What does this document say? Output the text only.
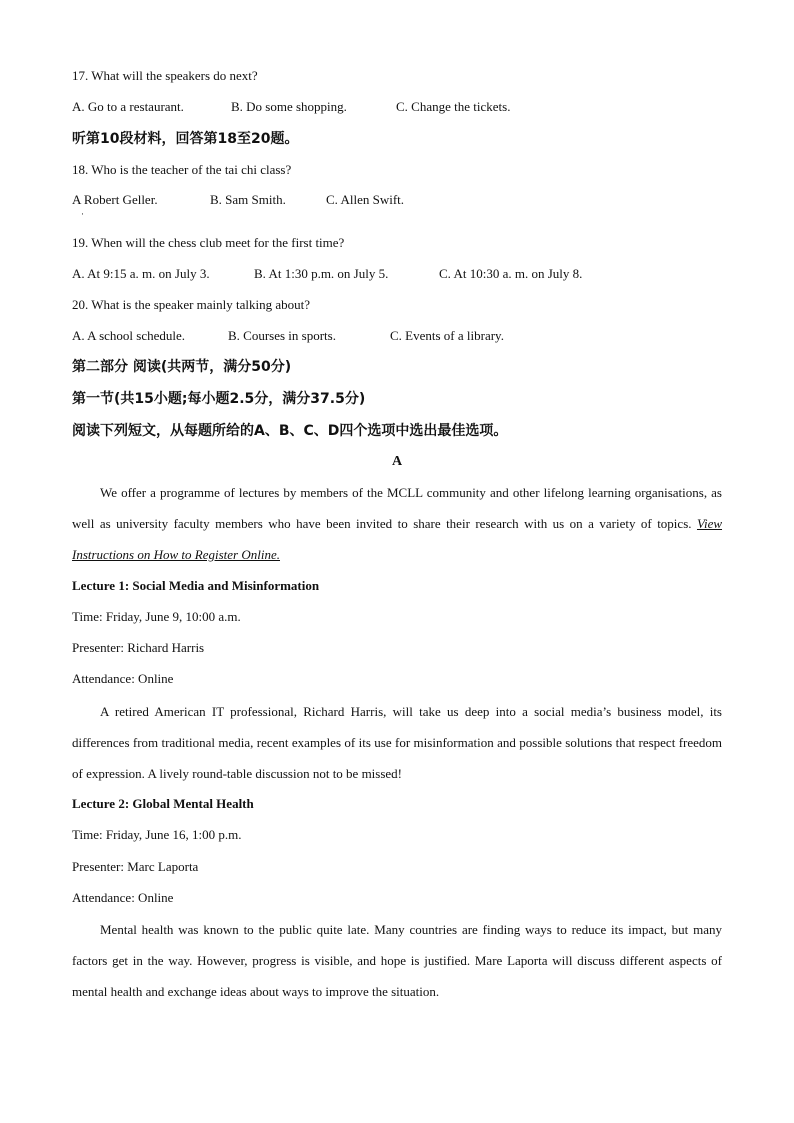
17. What will the speakers do next?
A. Go to a restaurant.	B. Do some shopping.	C. Change the tickets.
听第10段材料，回答第18至20题。
18. Who is the teacher of the tai chi class?
A Robert Geller.	B. Sam Smith.	C. Allen Swift.
·
19. When will the chess club meet for the first time?
A. At 9:15 a. m. on July 3.	B. At 1:30 p.m. on July 5.	C. At 10:30 a. m. on July 8.
20. What is the speaker mainly talking about?
A. A school schedule.	B. Courses in sports.	C. Events of a library.
第二部分 阅读(共两节，满分50分)
第一节(共15小题;每小题2.5分，满分37.5分)
阅读下列短文，从每题所给的A、B、C、D四个选项中选出最佳选项。
A
We offer a programme of lectures by members of the MCLL community and other lifelong learning organisations, as well as university faculty members who have been invited to share their research with us on a variety of topics. View Instructions on How to Register Online.
Lecture 1: Social Media and Misinformation
Time: Friday, June 9, 10:00 a.m.
Presenter: Richard Harris
Attendance: Online
A retired American IT professional, Richard Harris, will take us deep into a social media’s business model, its differences from traditional media, recent examples of its use for misinformation and possible solutions that respect freedom of expression. A lively round-table discussion not to be missed!
Lecture 2: Global Mental Health
Time: Friday, June 16, 1:00 p.m.
Presenter: Marc Laporta
Attendance: Online
Mental health was known to the public quite late. Many countries are finding ways to reduce its impact, but many factors get in the way. However, progress is visible, and hope is justified. Mare Laporta will discuss different aspects of mental health and exchange ideas about ways to improve the situation.
